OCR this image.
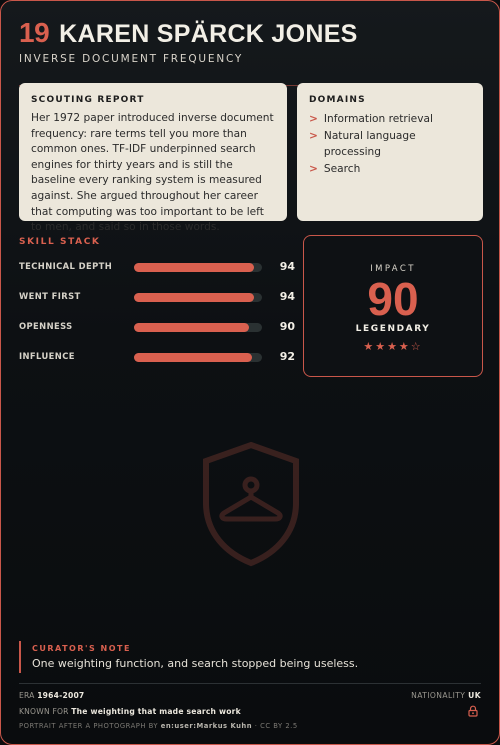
19 KAREN SPÄRCK JONES
INVERSE DOCUMENT FREQUENCY
SCOUTING REPORT
Her 1972 paper introduced inverse document frequency: rare terms tell you more than common ones. TF-IDF underpinned search engines for thirty years and is still the baseline every ranking system is measured against. She argued throughout her career that computing was too important to be left to men, and said so in those words.
DOMAINS
> Information retrieval
> Natural language processing
> Search
SKILL STACK
TECHNICAL DEPTH	94
WENT FIRST	94
OPENNESS	90
INFLUENCE	92
IMPACT
90
LEGENDARY
★★★★☆
CURATOR'S NOTE
One weighting function, and search stopped being useless.
ERA 1964-2007	NATIONALITY UK
KNOWN FOR The weighting that made search work
PORTRAIT AFTER A PHOTOGRAPH BY en:user:Markus Kuhn · CC BY 2.5
